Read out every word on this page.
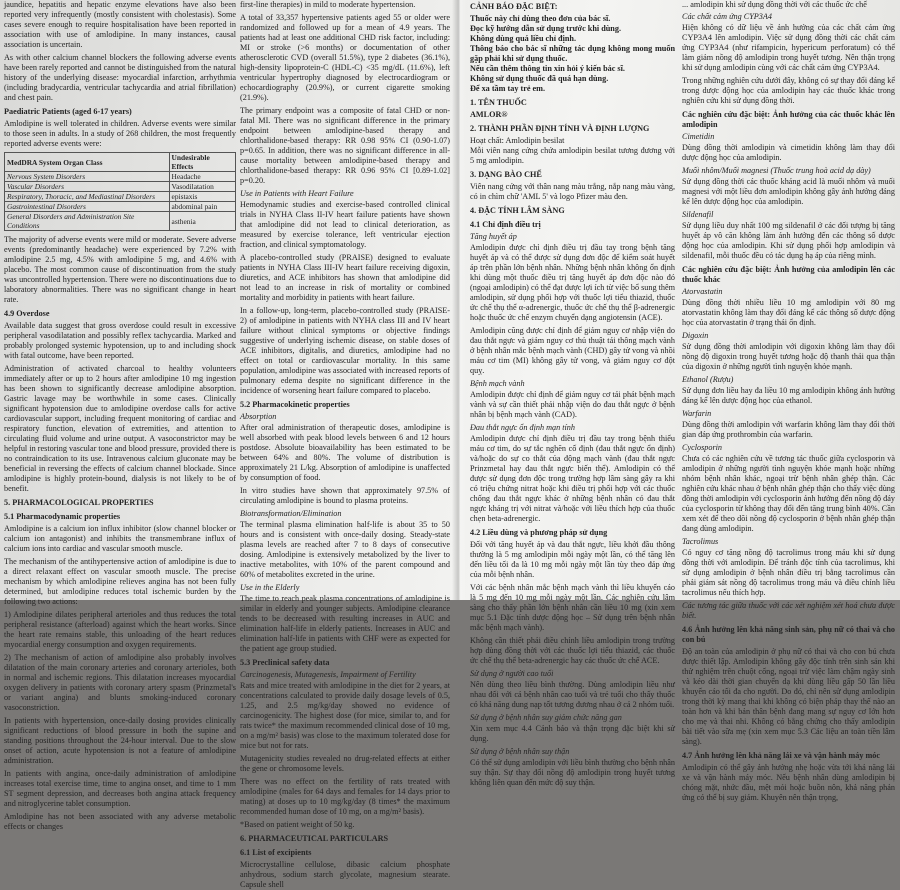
jaundice, hepatitis and hepatic enzyme elevations have also been reported very infrequently (mostly consistent with cholestasis). Some cases severe enough to require hospitalisation have been reported in association with use of amlodipine. In many instances, causal association is uncertain.

As with other calcium channel blockers the following adverse events have been rarely reported and cannot be distinguished from the natural history of the underlying disease: myocardial infarction, arrhythmia (including bradycardia, ventricular tachycardia and atrial fibrillation) and chest pain.

Paediatric Patients (aged 6-17 years)

Amlodipine is well tolerated in children. Adverse events were similar to those seen in adults. In a study of 268 children, the most frequently reported adverse events were:

MedDRA System Organ Class	Undesirable Effects
Nervous System Disorders	Headache
Vascular Disorders	Vasodilatation
Respiratory, Thoracic, and Mediastinal Disorders	epistaxis
Gastrointestinal Disorders	abdominal pain
General Disorders and Administration Site Conditions	asthenia

The majority of adverse events were mild or moderate. Severe adverse events (predominantly headache) were experienced by 7.2% with amlodipine 2.5 mg, 4.5% with amlodipine 5 mg, and 4.6% with placebo. The most common cause of discontinuation from the study was uncontrolled hypertension. There were no discontinuations due to laboratory abnormalities. There was no significant change in heart rate.

4.9 Overdose

Available data suggest that gross overdose could result in excessive peripheral vasodilatation and possibly reflex tachycardia. Marked and probably prolonged systemic hypotension, up to and including shock with fatal outcome, have been reported.

Administration of activated charcoal to healthy volunteers immediately after or up to 2 hours after amlodipine 10 mg ingestion has been shown to significantly decrease amlodipine absorption. Gastric lavage may be worthwhile in some cases. Clinically significant hypotension due to amlodipine overdose calls for active cardiovascular support, including frequent monitoring of cardiac and respiratory function, elevation of extremities, and attention to circulating fluid volume and urine output. A vasoconstrictor may be helpful in restoring vascular tone and blood pressure, provided there is no contraindication to its use. Intravenous calcium gluconate may be beneficial in reversing the effects of calcium channel blockade. Since amlodipine is highly protein-bound, dialysis is not likely to be of benefit.

5. PHARMACOLOGICAL PROPERTIES
5.1 Pharmacodynamic properties

Amlodipine is a calcium ion influx inhibitor (slow channel blocker or calcium ion antagonist) and inhibits the transmembrane influx of calcium ions into cardiac and vascular smooth muscle.

The mechanism of the antihypertensive action of amlodipine is due to a direct relaxant effect on vascular smooth muscle. The precise mechanism by which amlodipine relieves angina has not been fully determined, but amlodipine reduces total ischemic burden by the following two actions:

1) Amlodipine dilates peripheral arterioles and thus reduces the total peripheral resistance (afterload) against which the heart works. Since the heart rate remains stable, this unloading of the heart reduces myocardial energy consumption and oxygen requirements.

2) The mechanism of action of amlodipine also probably involves dilatation of the main coronary arteries and coronary arterioles, both in normal and ischemic regions. This dilatation increases myocardial oxygen delivery in patients with coronary artery spasm (Prinzmetal's or variant angina) and blunts smoking-induced coronary vasoconstriction.

In patients with hypertension, once-daily dosing provides clinically significant reductions of blood pressure in both the supine and standing positions throughout the 24-hour interval. Due to the slow onset of action, acute hypotension is not a feature of amlodipine administration.

In patients with angina, once-daily administration of amlodipine increases total exercise time, time to angina onset, and time to 1 mm ST segment depression, and decreases both angina attack frequency and nitroglycerine tablet consumption.

Amlodipine has not been associated with any adverse metabolic effects or changes

first-line therapies) in mild to moderate hypertension.

A total of 33,357 hypertensive patients aged 55 or older were randomized and followed up for a mean of 4.9 years. The patients had at least one additional CHD risk factor, including: MI or stroke (>6 months) or documentation of other atherosclerotic CVD (overall 51.5%), type 2 diabetes (36.1%), high-density lipoprotein-C (HDL-C) <35 mg/dL (11.6%), left ventricular hypertrophy diagnosed by electrocardiogram or echocardiography (20.9%), or current cigarette smoking (21.9%).

The primary endpoint was a composite of fatal CHD or non-fatal MI. There was no significant difference in the primary endpoint between amlodipine-based therapy and chlorthalidone-based therapy: RR 0.98 95% CI (0.90-1.07) p=0.65. In addition, there was no significant difference in all-cause mortality between amlodipine-based therapy and chlorthalidone-based therapy: RR 0.96 95% CI [0.89-1.02] p=0.20.

Use in Patients with Heart Failure

Hemodynamic studies and exercise-based controlled clinical trials in NYHA Class II-IV heart failure patients have shown that amlodipine did not lead to clinical deterioration, as measured by exercise tolerance, left ventricular ejection fraction, and clinical symptomatology.

A placebo-controlled study (PRAISE) designed to evaluate patients in NYHA Class III-IV heart failure receiving digoxin, diuretics, and ACE inhibitors has shown that amlodipine did not lead to an increase in risk of mortality or combined mortality and morbidity in patients with heart failure.

In a follow-up, long-term, placebo-controlled study (PRAISE-2) of amlodipine in patients with NYHA class III and IV heart failure without clinical symptoms or objective findings suggestive of underlying ischemic disease, on stable doses of ACE inhibitors, digitalis, and diuretics, amlodipine had no effect on total or cardiovascular mortality. In this same population, amlodipine was associated with increased reports of pulmonary edema despite no significant difference in the incidence of worsening heart failure compared to placebo.

5.2 Pharmacokinetic properties
Absorption

After oral administration of therapeutic doses, amlodipine is well absorbed with peak blood levels between 6 and 12 hours postdose. Absolute bioavailability has been estimated to be between 64% and 80%. The volume of distribution is approximately 21 L/kg. Absorption of amlodipine is unaffected by consumption of food.

In vitro studies have shown that approximately 97.5% of circulating amlodipine is bound to plasma proteins.

Biotransformation/Elimination

The terminal plasma elimination half-life is about 35 to 50 hours and is consistent with once-daily dosing. Steady-state plasma levels are reached after 7 to 8 days of consecutive dosing. Amlodipine is extensively metabolized by the liver to inactive metabolites, with 10% of the parent compound and 60% of metabolites excreted in the urine.

Use in the Elderly

The time to reach peak plasma concentrations of amlodipine is similar in elderly and younger subjects. Amlodipine clearance tends to be decreased with resulting increases in AUC and elimination half-life in elderly patients. Increases in AUC and elimination half-life in patients with CHF were as expected for the patient age group studied.

5.3 Preclinical safety data
Carcinogenesis, Mutagenesis, Impairment of Fertility

Rats and mice treated with amlodipine in the diet for 2 years, at concentrations calculated to provide daily dosage levels of 0.5, 1.25, and 2.5 mg/kg/day showed no evidence of carcinogenicity. The highest dose (for mice, similar to, and for rats twice* the maximum recommended clinical dose of 10 mg, on a mg/m² basis) was close to the maximum tolerated dose for mice but not for rats.

Mutagenicity studies revealed no drug-related effects at either the gene or chromosome levels.

There was no effect on the fertility of rats treated with amlodipine (males for 64 days and females for 14 days prior to mating) at doses up to 10 mg/kg/day (8 times* the maximum recommended human dose of 10 mg, on a mg/m² basis).

*Based on patient weight of 50 kg.

6. PHARMACEUTICAL PARTICULARS
6.1 List of excipients

Microcrystalline cellulose, dibasic calcium phosphate anhydrous, sodium starch glycolate, magnesium stearate. Capsule shell

CẢNH BÁO ĐẶC BIỆT:

Thuốc này chỉ dùng theo đơn của bác sĩ.

Đọc kỹ hướng dẫn sử dụng trước khi dùng.

Không dùng quá liều chỉ định.

Thông báo cho bác sĩ những tác dụng không mong muốn gặp phải khi sử dụng thuốc.

Nếu cần thêm thông tin xin hỏi ý kiến bác sĩ.

Không sử dụng thuốc đã quá hạn dùng.

Để xa tầm tay trẻ em.

1. TÊN THUỐC

AMLOR®

2. THÀNH PHẦN ĐỊNH TÍNH VÀ ĐỊNH LƯỢNG

Hoạt chất: Amlodipin besilat

Mỗi viên nang cứng chứa amlodipin besilat tương đương với 5 mg amlodipin.

3. DẠNG BÀO CHẾ

Viên nang cứng với thân nang màu trắng, nắp nang màu vàng, có in chìm chữ 'AML 5' và logo Pfizer màu đen.

4. ĐẶC TÍNH LÂM SÀNG
4.1 Chỉ định điều trị
Tăng huyết áp

Amlodipin được chỉ định điều trị đầu tay trong bệnh tăng huyết áp và có thể được sử dụng đơn độc để kiểm soát huyết áp trên phần lớn bệnh nhân. Những bệnh nhân không ổn định khi dùng một thuốc điều trị tăng huyết áp đơn độc nào đó (ngoại amlodipin) có thể đạt được lợi ích từ việc bổ sung thêm amlodipin, sử dụng phối hợp với thuốc lợi tiểu thiazid, thuốc ức chế thụ thể α-adrenergic, thuốc ức chế thụ thể β-adrenergic hoặc thuốc ức chế enzym chuyển dạng angiotensin (ACE).

Amlodipin cũng được chỉ định để giảm nguy cơ nhập viện do đau thắt ngực và giảm nguy cơ thủ thuật tái thông mạch vành ở bệnh nhân mắc bệnh mạch vành (CHD) gây tử vong và nhồi máu cơ tim (MI) không gây tử vong, và giảm nguy cơ đột quỵ.

Bệnh mạch vành

Amlodipin được chỉ định để giảm nguy cơ tái phát bệnh mạch vành và sự cần thiết phải nhập viện do đau thắt ngực ở bệnh nhân bị bệnh mạch vành (CAD).

Đau thắt ngực ổn định mạn tính

Amlodipin được chỉ định điều trị đầu tay trong bệnh thiếu máu cơ tim, do sự tắc nghẽn cố định (đau thắt ngực ổn định) và/hoặc do sự co thắt của động mạch vành (đau thắt ngực Prinzmetal hay đau thắt ngực biến thể). Amlodipin có thể được sử dụng đơn độc trong trường hợp lâm sàng gây ra khi có triệu chứng nitrat hoặc khi điều trị phối hợp với các thuốc chống đau thắt ngực khác ở những bệnh nhân có đau thắt ngực kháng trị với nitrat và/hoặc với liều thích hợp của thuốc chẹn beta-adrenergic.

4.2 Liều dùng và phương pháp sử dụng

Đối với tăng huyết áp và đau thắt ngực, liều khởi đầu thông thường là 5 mg amlodipin mỗi ngày một lần, có thể tăng lên đến liều tối đa là 10 mg mỗi ngày một lần tùy theo đáp ứng của mỗi bệnh nhân.

Với các bệnh nhân mắc bệnh mạch vành thì liều khuyến cáo là 5 mg đến 10 mg mỗi ngày một lần. Các nghiên cứu lâm sàng cho thấy phần lớn bệnh nhân cần liều 10 mg (xin xem mục 5.1 Đặc tính dược động học – Sử dụng trên bệnh nhân mắc bệnh mạch vành).

Không cần thiết phải điều chỉnh liều amlodipin trong trường hợp dùng đồng thời với các thuốc lợi tiểu thiazid, các thuốc ức chế thụ thể beta-adrenergic hay các thuốc ức chế ACE.

Sử dụng ở người cao tuổi

Nên dùng theo liều bình thường. Dùng amlodipin liều như nhau đối với cả bệnh nhân cao tuổi và trẻ tuổi cho thấy thuốc có khả năng dung nạp tốt tương đương nhau ở cả 2 nhóm tuổi.

Sử dụng ở bệnh nhân suy giảm chức năng gan

Xin xem mục 4.4 Cảnh báo và thận trọng đặc biệt khi sử dụng.

Sử dụng ở bệnh nhân suy thận

Có thể sử dụng amlodipin với liều bình thường cho bệnh nhân suy thận. Sự thay đổi nồng độ amlodipin trong huyết tương không liên quan đến mức độ suy thận.

... amlodipin khi sử dụng đồng thời với các thuốc ức chế

Các chất cảm ứng CYP3A4

Hiện không có dữ liệu về ảnh hưởng của các chất cảm ứng CYP3A4 lên amlodipin. Việc sử dụng đồng thời các chất cảm ứng CYP3A4 (như rifampicin, hypericum perforatum) có thể làm giảm nồng độ amlodipin trong huyết tương. Nên thận trọng khi sử dụng amlodipin cùng với các chất cảm ứng CYP3A4.

Trong những nghiên cứu dưới đây, không có sự thay đổi đáng kể trong dược động học của amlodipin hay các thuốc khác trong nghiên cứu khi sử dụng đồng thời.

Các nghiên cứu đặc biệt: Ảnh hưởng của các thuốc khác lên amlodipin
Cimetidin

Dùng đồng thời amlodipin và cimetidin không làm thay đổi dược động học của amlodipin.

Muối nhôm/Muối magnesi (Thuốc trung hoà acid dạ dày)

Sử dụng đồng thời các thuốc kháng acid là muối nhôm và muối magnesi với một liều đơn amlodipin không gây ảnh hưởng đáng kể lên dược động học của amlodipin.

Sildenafil

Sử dụng liều duy nhất 100 mg sildenafil ở các đối tượng bị tăng huyết áp vô căn không làm ảnh hưởng đến các thông số dược động học của amlodipin. Khi sử dụng phối hợp amlodipin và sildenafil, mỗi thuốc đều có tác dụng hạ áp của riêng mình.

Các nghiên cứu đặc biệt: Ảnh hưởng của amlodipin lên các thuốc khác
Atorvastatin

Dùng đồng thời nhiều liều 10 mg amlodipin với 80 mg atorvastatin không làm thay đổi đáng kể các thông số dược động học của atorvastatin ở trạng thái ổn định.

Digoxin

Sử dụng đồng thời amlodipin với digoxin không làm thay đổi nồng độ digoxin trong huyết tương hoặc độ thanh thải qua thận của digoxin ở những người tình nguyện khỏe mạnh.

Ethanol (Rượu)

Sử dụng đơn liều hay đa liều 10 mg amlodipin không ảnh hưởng đáng kể lên dược động học của ethanol.

Warfarin

Dùng đồng thời amlodipin với warfarin không làm thay đổi thời gian đáp ứng prothrombin của warfarin.

Cyclosporin

Chưa có các nghiên cứu về tương tác thuốc giữa cyclosporin và amlodipin ở những người tình nguyện khỏe mạnh hoặc những nhóm bệnh nhân khác, ngoại trừ bệnh nhân ghép thận. Các nghiên cứu khác nhau ở bệnh nhân ghép thận cho thấy việc dùng đồng thời amlodipin với cyclosporin ảnh hưởng đến nồng độ đáy của cyclosporin từ không thay đổi đến tăng trung bình 40%. Cần xem xét để theo dõi nồng độ cyclosporin ở bệnh nhân ghép thận đang dùng amlodipin.

Tacrolimus

Có nguy cơ tăng nồng độ tacrolimus trong máu khi sử dụng đồng thời với amlodipin. Để tránh độc tính của tacrolimus, khi sử dụng amlodipin ở bệnh nhân điều trị bằng tacrolimus cần phải giám sát nồng độ tacrolimus trong máu và điều chỉnh liều tacrolimus nếu thích hợp.

Các tương tác giữa thuốc với các xét nghiệm xét hoá chưa được biết.
4.6 Ảnh hưởng lên khả năng sinh sản, phụ nữ có thai và cho con bú

Độ an toàn của amlodipin ở phụ nữ có thai và cho con bú chưa được thiết lập. Amlodipin không gây độc tính trên sinh sản khi thử nghiệm trên chuột cống, ngoại trừ việc làm chậm ngày sinh và kéo dài thời gian chuyển dạ khi dùng liều gấp 50 lần liều khuyến cáo tối đa cho người. Do đó, chỉ nên sử dụng amlodipin trong thời kỳ mang thai khi không có biện pháp thay thế nào an toàn hơn và khi bản thân bệnh đang mang sự nguy cơ lớn hơn cho mẹ và thai nhi. Không có bằng chứng cho thấy amlodipin bài tiết vào sữa mẹ (xin xem mục 5.3 Các liệu an toàn tiền lâm sàng).

4.7 Ảnh hưởng lên khả năng lái xe và vận hành máy móc

Amlodipin có thể gây ảnh hưởng nhẹ hoặc vừa tới khả năng lái xe và vận hành máy móc. Nếu bệnh nhân dùng amlodipin bị chóng mặt, nhức đầu, mệt mỏi hoặc buồn nôn, khả năng phản ứng có thể bị suy giảm. Khuyên nên thận trọng,
